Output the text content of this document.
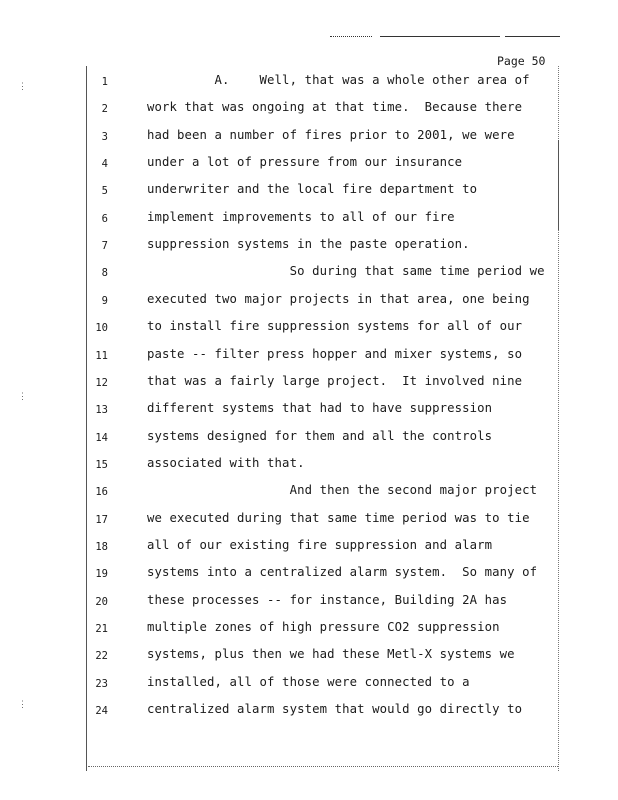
Page 50
⋮
⋮
⋮
1	A.    Well, that was a whole other area of
2	work that was ongoing at that time.  Because there
3	had been a number of fires prior to 2001, we were
4	under a lot of pressure from our insurance
5	underwriter and the local fire department to
6	implement improvements to all of our fire
7	suppression systems in the paste operation.
8	So during that same time period we
9	executed two major projects in that area, one being
10	to install fire suppression systems for all of our
11	paste -- filter press hopper and mixer systems, so
12	that was a fairly large project.  It involved nine
13	different systems that had to have suppression
14	systems designed for them and all the controls
15	associated with that.
16	And then the second major project
17	we executed during that same time period was to tie
18	all of our existing fire suppression and alarm
19	systems into a centralized alarm system.  So many of
20	these processes -- for instance, Building 2A has
21	multiple zones of high pressure CO2 suppression
22	systems, plus then we had these Metl-X systems we
23	installed, all of those were connected to a
24	centralized alarm system that would go directly to
